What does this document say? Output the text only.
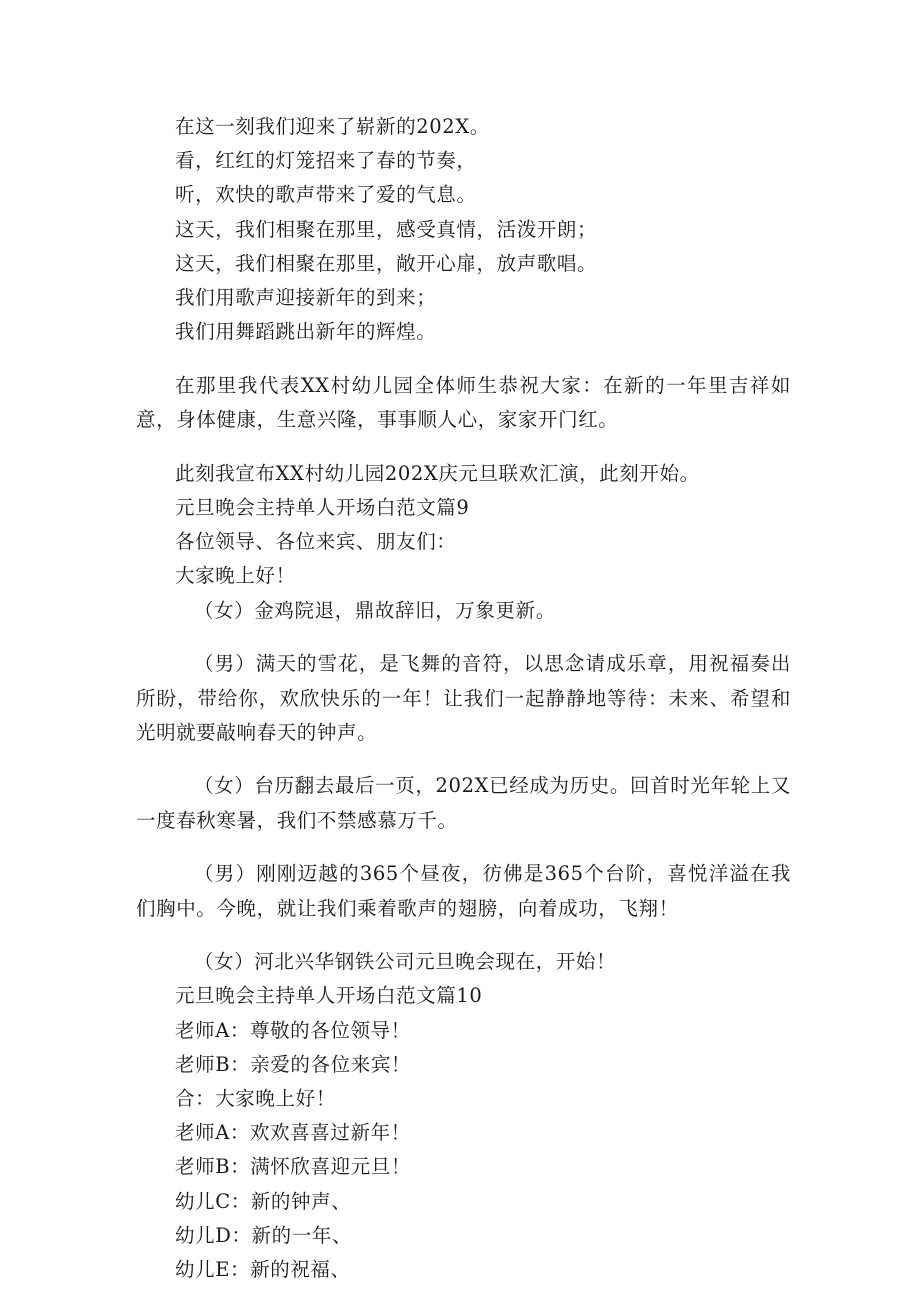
在这一刻我们迎来了崭新的202X。

看，红红的灯笼招来了春的节奏，

听，欢快的歌声带来了爱的气息。

这天，我们相聚在那里，感受真情，活泼开朗；

这天，我们相聚在那里，敞开心扉，放声歌唱。

我们用歌声迎接新年的到来；

我们用舞蹈跳出新年的辉煌。

在那里我代表XX村幼儿园全体师生恭祝大家：在新的一年里吉祥如意，身体健康，生意兴隆，事事顺人心，家家开门红。

此刻我宣布XX村幼儿园202X庆元旦联欢汇演，此刻开始。

元旦晚会主持单人开场白范文篇9

各位领导、各位来宾、朋友们：

大家晚上好！

（女）金鸡院退，鼎故辞旧，万象更新。

（男）满天的雪花，是飞舞的音符，以思念请成乐章，用祝福奏出所盼，带给你，欢欣快乐的一年！让我们一起静静地等待：未来、希望和光明就要敲响春天的钟声。

（女）台历翻去最后一页，202X已经成为历史。回首时光年轮上又一度春秋寒暑，我们不禁感慕万千。

（男）刚刚迈越的365个昼夜，彷佛是365个台阶，喜悦洋溢在我们胸中。今晚，就让我们乘着歌声的翅膀，向着成功，飞翔！

（女）河北兴华钢铁公司元旦晚会现在，开始！

元旦晚会主持单人开场白范文篇10

老师A：尊敬的各位领导！

老师B：亲爱的各位来宾！

合：大家晚上好！

老师A：欢欢喜喜过新年！

老师B：满怀欣喜迎元旦！

幼儿C：新的钟声、

幼儿D：新的一年、

幼儿E：新的祝福、
